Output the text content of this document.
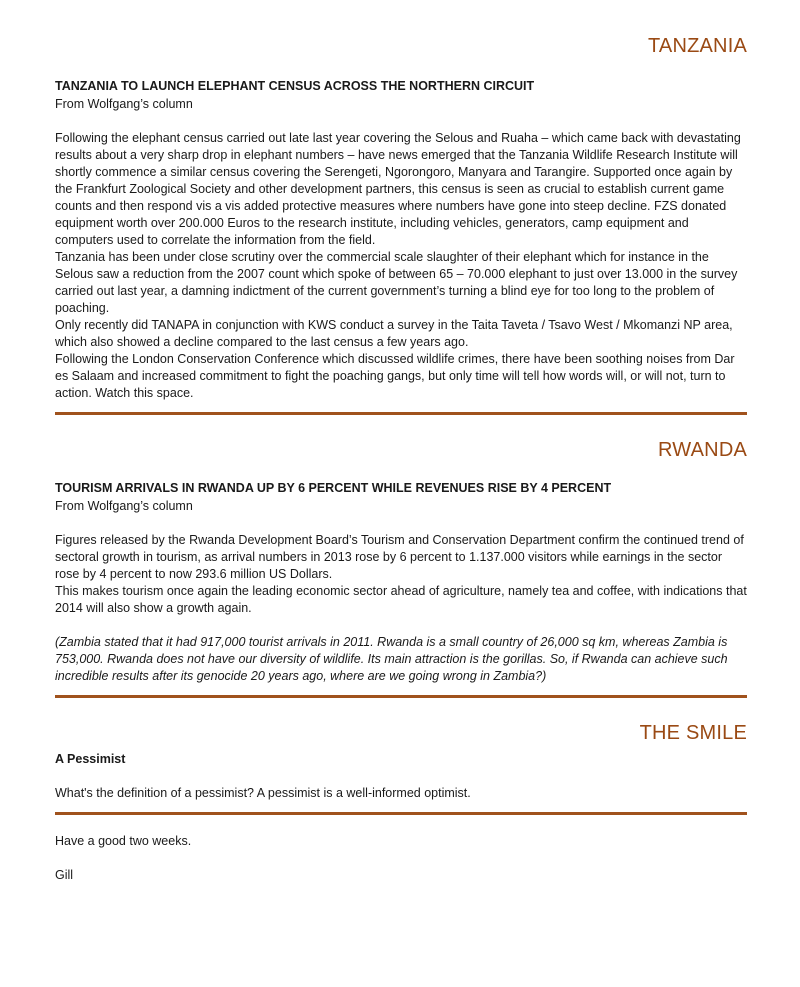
TANZANIA

TANZANIA TO LAUNCH ELEPHANT CENSUS ACROSS THE NORTHERN CIRCUIT

From Wolfgang’s column

Following the elephant census carried out late last year covering the Selous and Ruaha – which came back with devastating results about a very sharp drop in elephant numbers – have news emerged that the Tanzania Wildlife Research Institute will shortly commence a similar census covering the Serengeti, Ngorongoro, Manyara and Tarangire. Supported once again by the Frankfurt Zoological Society and other development partners, this census is seen as crucial to establish current game counts and then respond vis a vis added protective measures where numbers have gone into steep decline. FZS donated equipment worth over 200.000 Euros to the research institute, including vehicles, generators, camp equipment and computers used to correlate the information from the field.

Tanzania has been under close scrutiny over the commercial scale slaughter of their elephant which for instance in the Selous saw a reduction from the 2007 count which spoke of between 65 – 70.000 elephant to just over 13.000 in the survey carried out last year, a damning indictment of the current government’s turning a blind eye for too long to the problem of poaching.

Only recently did TANAPA in conjunction with KWS conduct a survey in the Taita Taveta / Tsavo West / Mkomanzi NP area, which also showed a decline compared to the last census a few years ago.

Following the London Conservation Conference which discussed wildlife crimes, there have been soothing noises from Dar es Salaam and increased commitment to fight the poaching gangs, but only time will tell how words will, or will not, turn to action. Watch this space.

RWANDA

TOURISM ARRIVALS IN RWANDA UP BY 6 PERCENT WHILE REVENUES RISE BY 4 PERCENT

From Wolfgang’s column

Figures released by the Rwanda Development Board’s Tourism and Conservation Department confirm the continued trend of sectoral growth in tourism, as arrival numbers in 2013 rose by 6 percent to 1.137.000 visitors while earnings in the sector rose by 4 percent to now 293.6 million US Dollars.

This makes tourism once again the leading economic sector ahead of agriculture, namely tea and coffee, with indications that 2014 will also show a growth again.

(Zambia stated that it had 917,000 tourist arrivals in 2011. Rwanda is a small country of 26,000 sq km, whereas Zambia is 753,000. Rwanda does not have our diversity of wildlife. Its main attraction is the gorillas. So, if Rwanda can achieve such incredible results after its genocide 20 years ago, where are we going wrong in Zambia?)

THE SMILE

A Pessimist

What's the definition of a pessimist? A pessimist is a well-informed optimist.

Have a good two weeks.

Gill
